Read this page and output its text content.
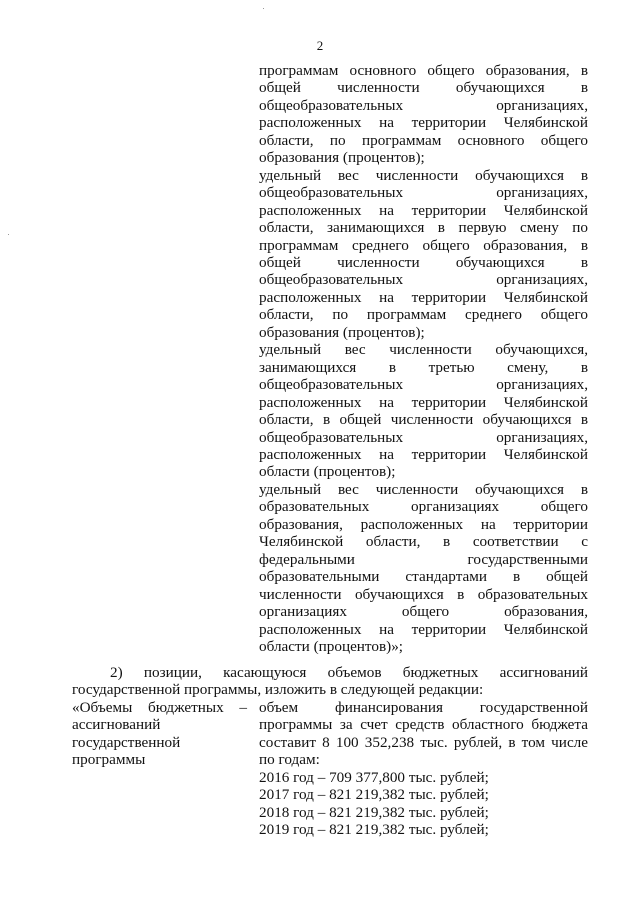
2
программам основного общего образования, в
общей численности обучающихся в
общеобразовательных организациях,
расположенных на территории Челябинской
области, по программам основного общего
образования (процентов);
удельный вес численности обучающихся в
общеобразовательных организациях,
расположенных на территории Челябинской
области, занимающихся в первую смену по
программам среднего общего образования, в
общей численности обучающихся в
общеобразовательных организациях,
расположенных на территории Челябинской
области, по программам среднего общего
образования (процентов);
удельный вес численности обучающихся,
занимающихся в третью смену, в
общеобразовательных организациях,
расположенных на территории Челябинской
области, в общей численности обучающихся в
общеобразовательных организациях,
расположенных на территории Челябинской
области (процентов);
удельный вес численности обучающихся в
образовательных организациях общего
образования, расположенных на территории
Челябинской области, в соответствии с
федеральными государственными
образовательными стандартами в общей
численности обучающихся в образовательных
организациях общего образования,
расположенных на территории Челябинской
области (процентов)»;
2) позиции, касающуюся объемов бюджетных ассигнований
государственной программы, изложить в следующей редакции:
«Объемы бюджетных –
ассигнований
государственной
программы
объем финансирования государственной
программы за счет средств областного бюджета
составит 8 100 352,238 тыс. рублей, в том числе
по годам:
2016 год – 709 377,800 тыс. рублей;
2017 год – 821 219,382 тыс. рублей;
2018 год – 821 219,382 тыс. рублей;
2019 год – 821 219,382 тыс. рублей;
